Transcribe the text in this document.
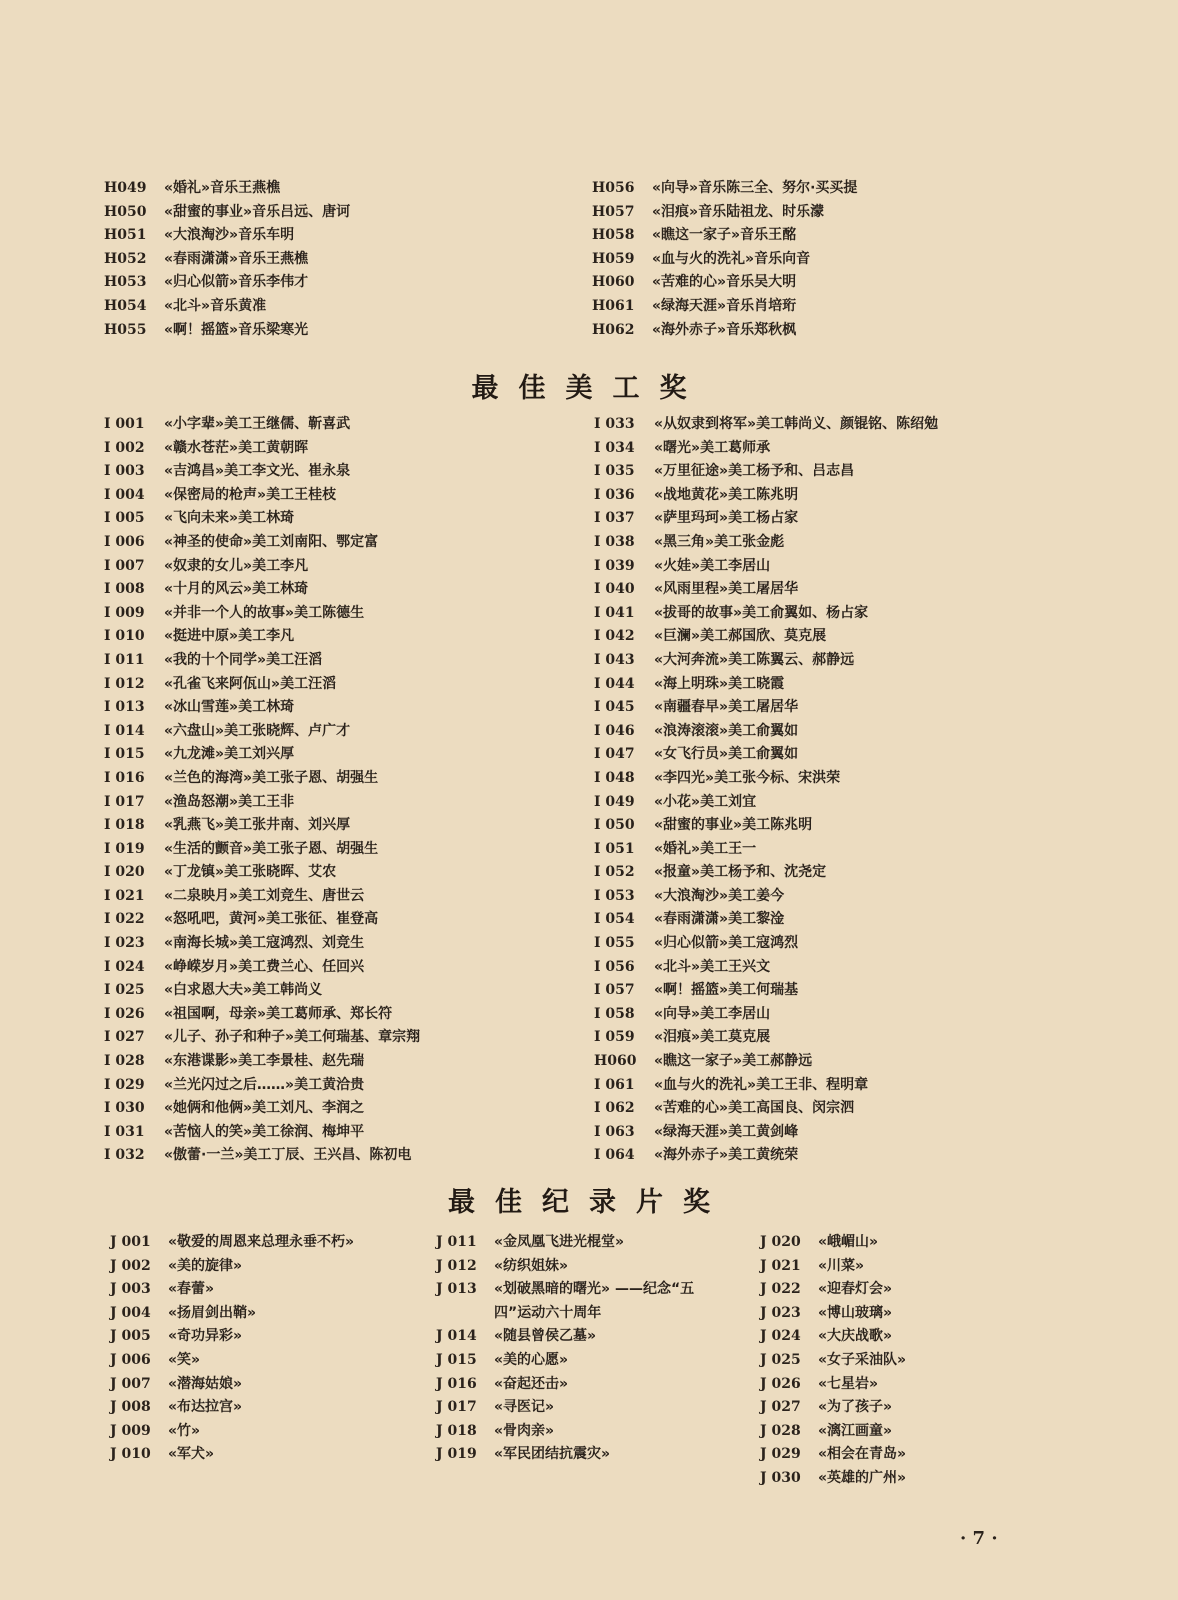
H049	«婚礼»音乐王燕樵
H050	«甜蜜的事业»音乐吕远、唐诃
H051	«大浪淘沙»音乐车明
H052	«春雨潇潇»音乐王燕樵
H053	«归心似箭»音乐李伟才
H054	«北斗»音乐黄准
H055	«啊！摇篮»音乐梁寒光
H056	«向导»音乐陈三全、努尔·买买提
H057	«泪痕»音乐陆祖龙、时乐濛
H058	«瞧这一家子»音乐王酩
H059	«血与火的洗礼»音乐向音
H060	«苦难的心»音乐吴大明
H061	«绿海天涯»音乐肖培珩
H062	«海外赤子»音乐郑秋枫
最佳美工奖
I 001	«小字辈»美工王继儒、靳喜武
I 002	«赣水苍茫»美工黄朝晖
I 003	«吉鸿昌»美工李文光、崔永泉
I 004	«保密局的枪声»美工王桂枝
I 005	«飞向未来»美工林琦
I 006	«神圣的使命»美工刘南阳、鄂定富
I 007	«奴隶的女儿»美工李凡
I 008	«十月的风云»美工林琦
I 009	«并非一个人的故事»美工陈德生
I 010	«挺进中原»美工李凡
I 011	«我的十个同学»美工汪滔
I 012	«孔雀飞来阿佤山»美工汪滔
I 013	«冰山雪莲»美工林琦
I 014	«六盘山»美工张晓辉、卢广才
I 015	«九龙滩»美工刘兴厚
I 016	«兰色的海湾»美工张子恩、胡强生
I 017	«渔岛怒潮»美工王非
I 018	«乳燕飞»美工张井南、刘兴厚
I 019	«生活的颤音»美工张子恩、胡强生
I 020	«丁龙镇»美工张晓晖、艾农
I 021	«二泉映月»美工刘竞生、唐世云
I 022	«怒吼吧，黄河»美工张征、崔登高
I 023	«南海长城»美工寇鸿烈、刘竞生
I 024	«峥嵘岁月»美工费兰心、任回兴
I 025	«白求恩大夫»美工韩尚义
I 026	«祖国啊，母亲»美工葛师承、郑长符
I 027	«儿子、孙子和种子»美工何瑞基、章宗翔
I 028	«东港谍影»美工李景桂、赵先瑞
I 029	«兰光闪过之后……»美工黄洽贵
I 030	«她俩和他俩»美工刘凡、李润之
I 031	«苦恼人的笑»美工徐润、梅坤平
I 032	«傲蕾·一兰»美工丁辰、王兴昌、陈初电
I 033	«从奴隶到将军»美工韩尚义、颜锟铭、陈绍勉
I 034	«曙光»美工葛师承
I 035	«万里征途»美工杨予和、吕志昌
I 036	«战地黄花»美工陈兆明
I 037	«萨里玛珂»美工杨占家
I 038	«黑三角»美工张金彪
I 039	«火娃»美工李居山
I 040	«风雨里程»美工屠居华
I 041	«拔哥的故事»美工俞翼如、杨占家
I 042	«巨澜»美工郝国欣、莫克展
I 043	«大河奔流»美工陈翼云、郝静远
I 044	«海上明珠»美工晓霞
I 045	«南疆春早»美工屠居华
I 046	«浪涛滚滚»美工俞翼如
I 047	«女飞行员»美工俞翼如
I 048	«李四光»美工张今标、宋洪荣
I 049	«小花»美工刘宜
I 050	«甜蜜的事业»美工陈兆明
I 051	«婚礼»美工王一
I 052	«报童»美工杨予和、沈尧定
I 053	«大浪淘沙»美工姜今
I 054	«春雨潇潇»美工黎淦
I 055	«归心似箭»美工寇鸿烈
I 056	«北斗»美工王兴文
I 057	«啊！摇篮»美工何瑞基
I 058	«向导»美工李居山
I 059	«泪痕»美工莫克展
H060	«瞧这一家子»美工郝静远
I 061	«血与火的洗礼»美工王非、程明章
I 062	«苦难的心»美工高国良、闵宗泗
I 063	«绿海天涯»美工黄剑峰
I 064	«海外赤子»美工黄统荣
最佳纪录片奖
J 001	«敬爱的周恩来总理永垂不朽»
J 002	«美的旋律»
J 003	«春蕾»
J 004	«扬眉剑出鞘»
J 005	«奇功异彩»
J 006	«笑»
J 007	«潜海姑娘»
J 008	«布达拉宫»
J 009	«竹»
J 010	«军犬»
J 011	«金凤凰飞进光棍堂»
J 012	«纺织姐妹»
J 013	«划破黑暗的曙光» ——纪念“五四”运动六十周年
J 014	«随县曾侯乙墓»
J 015	«美的心愿»
J 016	«奋起还击»
J 017	«寻医记»
J 018	«骨肉亲»
J 019	«军民团结抗震灾»
J 020	«峨嵋山»
J 021	«川菜»
J 022	«迎春灯会»
J 023	«博山玻璃»
J 024	«大庆战歌»
J 025	«女子采油队»
J 026	«七星岩»
J 027	«为了孩子»
J 028	«漓江画童»
J 029	«相会在青岛»
J 030	«英雄的广州»
· 7 ·
